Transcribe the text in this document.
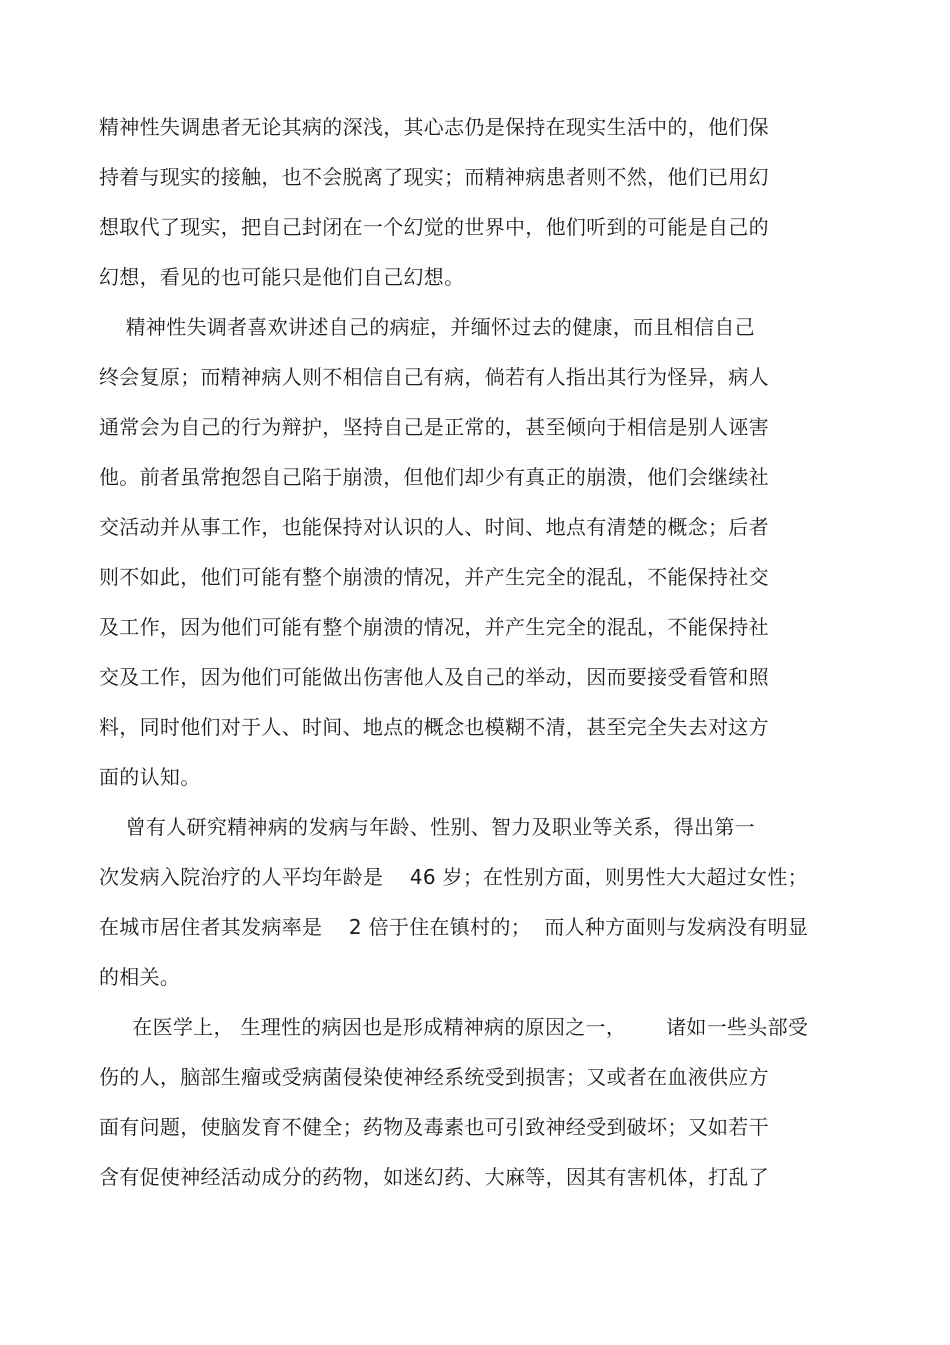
精神性失调患者无论其病的深浅，其心志仍是保持在现实生活中的，他们保
持着与现实的接触，也不会脱离了现实；而精神病患者则不然，他们已用幻
想取代了现实，把自己封闭在一个幻觉的世界中，他们听到的可能是自己的
幻想，看见的也可能只是他们自己幻想。
精神性失调者喜欢讲述自己的病症，并缅怀过去的健康，而且相信自己
终会复原；而精神病人则不相信自己有病，倘若有人指出其行为怪异，病人
通常会为自己的行为辩护，坚持自己是正常的，甚至倾向于相信是别人诬害
他。前者虽常抱怨自己陷于崩溃，但他们却少有真正的崩溃，他们会继续社
交活动并从事工作，也能保持对认识的人、时间、地点有清楚的概念；后者
则不如此，他们可能有整个崩溃的情况，并产生完全的混乱，不能保持社交
及工作，因为他们可能有整个崩溃的情况，并产生完全的混乱，不能保持社
交及工作，因为他们可能做出伤害他人及自己的举动，因而要接受看管和照
料，同时他们对于人、时间、地点的概念也模糊不清，甚至完全失去对这方
面的认知。
曾有人研究精神病的发病与年龄、性别、智力及职业等关系，得出第一
次发病入院治疗的人平均年龄是    46 岁；在性别方面，则男性大大超过女性；
在城市居住者其发病率是    2 倍于住在镇村的；  而人种方面则与发病没有明显
的相关。
在医学上， 生理性的病因也是形成精神病的原因之一，      诸如一些头部受
伤的人，脑部生瘤或受病菌侵染使神经系统受到损害；又或者在血液供应方
面有问题，使脑发育不健全；药物及毒素也可引致神经受到破坏；又如若干
含有促使神经活动成分的药物，如迷幻药、大麻等，因其有害机体，打乱了
